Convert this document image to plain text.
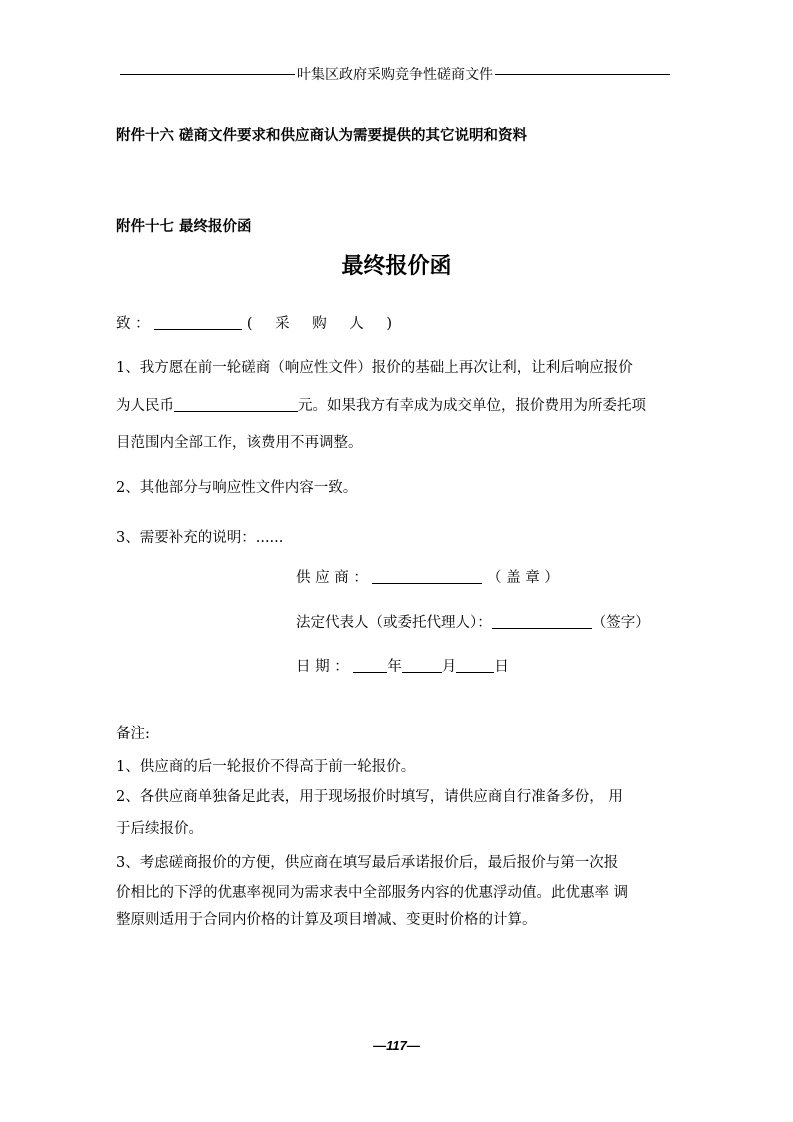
叶集区政府采购竞争性磋商文件
附件十六 磋商文件要求和供应商认为需要提供的其它说明和资料
附件十七 最终报价函
最终报价函
致 ：	( 采 购 人 )
1、我方愿在前一轮磋商（响应性文件）报价的基础上再次让利，让利后响应报价
为人民币	元。如果我方有幸成为成交单位，报价费用为所委托项
目范围内全部工作，该费用不再调整。
2、其他部分与响应性文件内容一致。
3、需要补充的说明：......
供 应 商 ：	（ 盖 章 ）
法定代表人（或委托代理人）：	（签字）
日 期 ：	年	月	日
备注:
1、供应商的后一轮报价不得高于前一轮报价。
2、各供应商单独备足此表，用于现场报价时填写，请供应商自行准备多份， 用
于后续报价。
3、考虑磋商报价的方便，供应商在填写最后承诺报价后，最后报价与第一次报
价相比的下浮的优惠率视同为需求表中全部服务内容的优惠浮动值。此优惠率 调
整原则适用于合同内价格的计算及项目增减、变更时价格的计算。
—117—
